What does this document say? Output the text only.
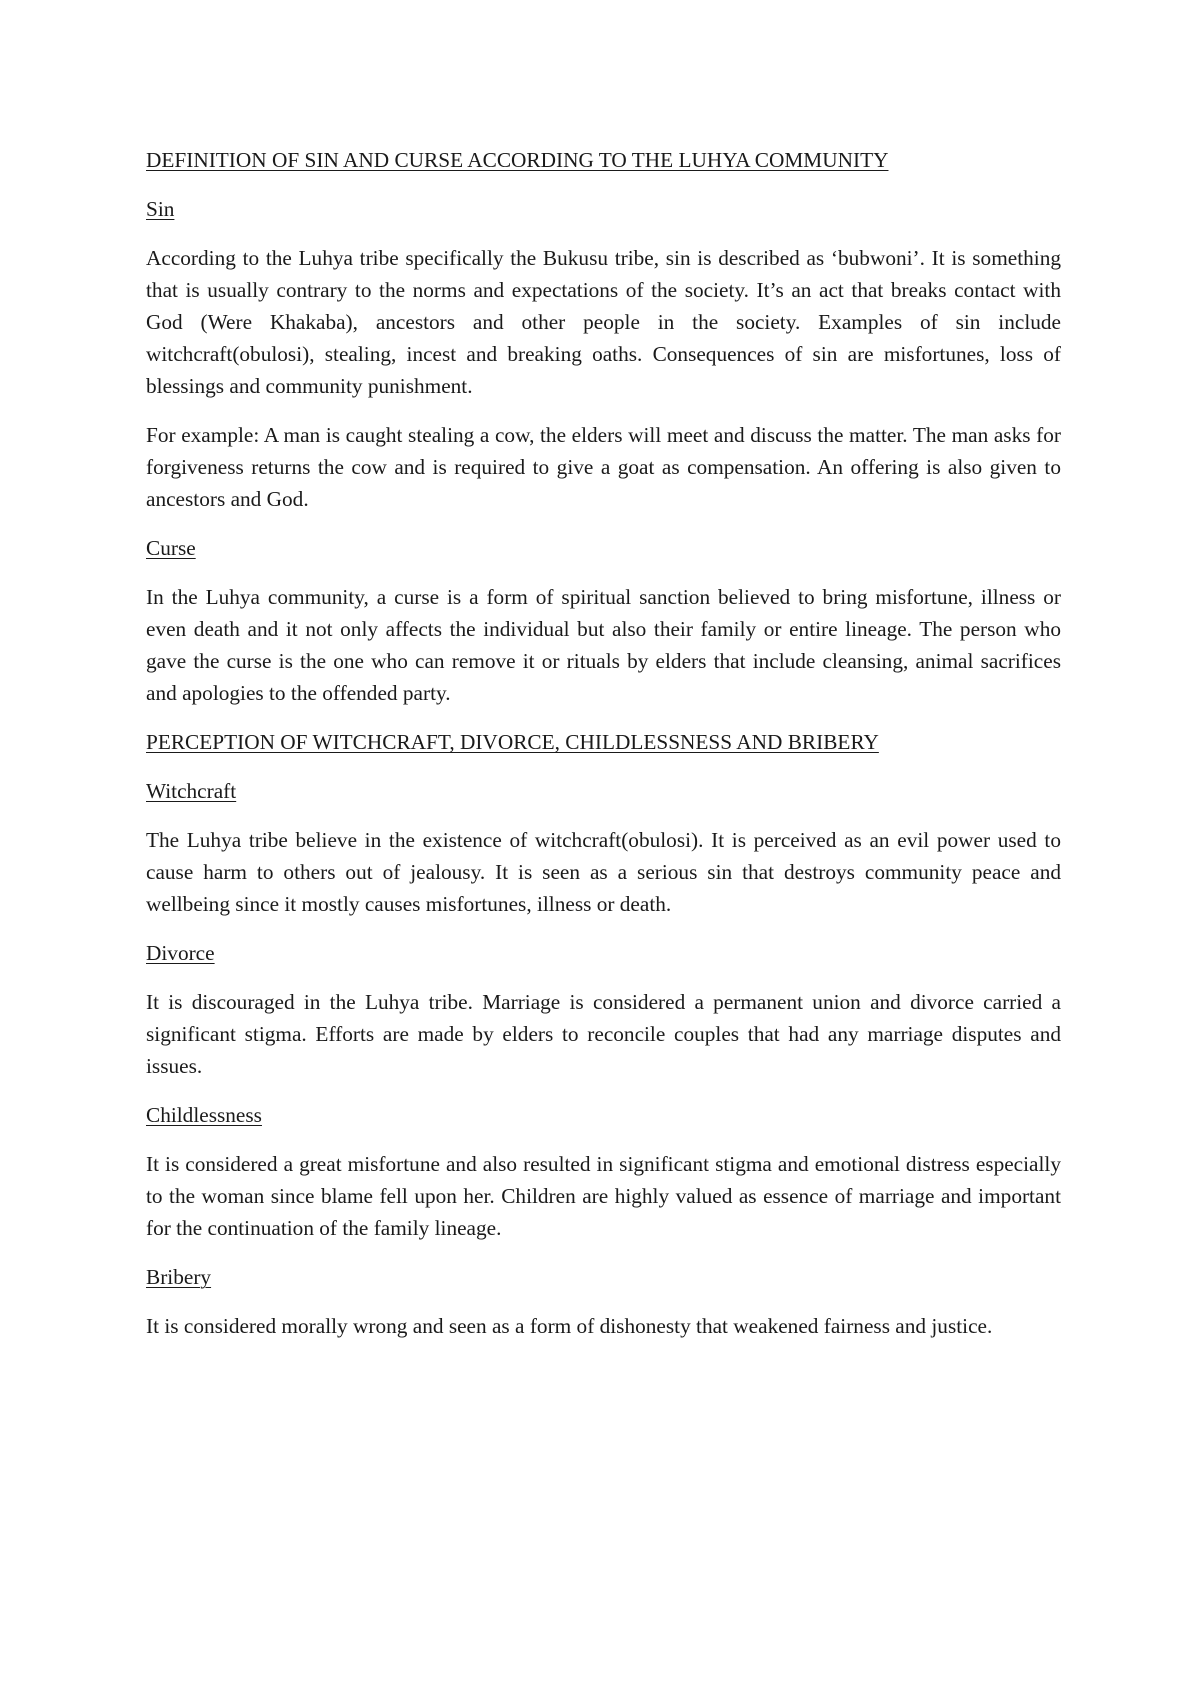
DEFINITION OF SIN AND CURSE ACCORDING TO THE LUHYA COMMUNITY
Sin

According to the Luhya tribe specifically the Bukusu tribe, sin is described as ‘bubwoni’. It is something that is usually contrary to the norms and expectations of the society. It’s an act that breaks contact with God (Were Khakaba), ancestors and other people in the society. Examples of sin include witchcraft(obulosi), stealing, incest and breaking oaths. Consequences of sin are misfortunes, loss of blessings and community punishment.

For example: A man is caught stealing a cow, the elders will meet and discuss the matter. The man asks for forgiveness returns the cow and is required to give a goat as compensation. An offering is also given to ancestors and God.

Curse

In the Luhya community, a curse is a form of spiritual sanction believed to bring misfortune, illness or even death and it not only affects the individual but also their family or entire lineage. The person who gave the curse is the one who can remove it or rituals by elders that include cleansing, animal sacrifices and apologies to the offended party.

PERCEPTION OF WITCHCRAFT, DIVORCE, CHILDLESSNESS AND BRIBERY
Witchcraft

The Luhya tribe believe in the existence of witchcraft(obulosi). It is perceived as an evil power used to cause harm to others out of jealousy. It is seen as a serious sin that destroys community peace and wellbeing since it mostly causes misfortunes, illness or death.

Divorce

It is discouraged in the Luhya tribe. Marriage is considered a permanent union and divorce carried a significant stigma. Efforts are made by elders to reconcile couples that had any marriage disputes and issues.

Childlessness

It is considered a great misfortune and also resulted in significant stigma and emotional distress especially to the woman since blame fell upon her. Children are highly valued as essence of marriage and important for the continuation of the family lineage.

Bribery

It is considered morally wrong and seen as a form of dishonesty that weakened fairness and justice.
